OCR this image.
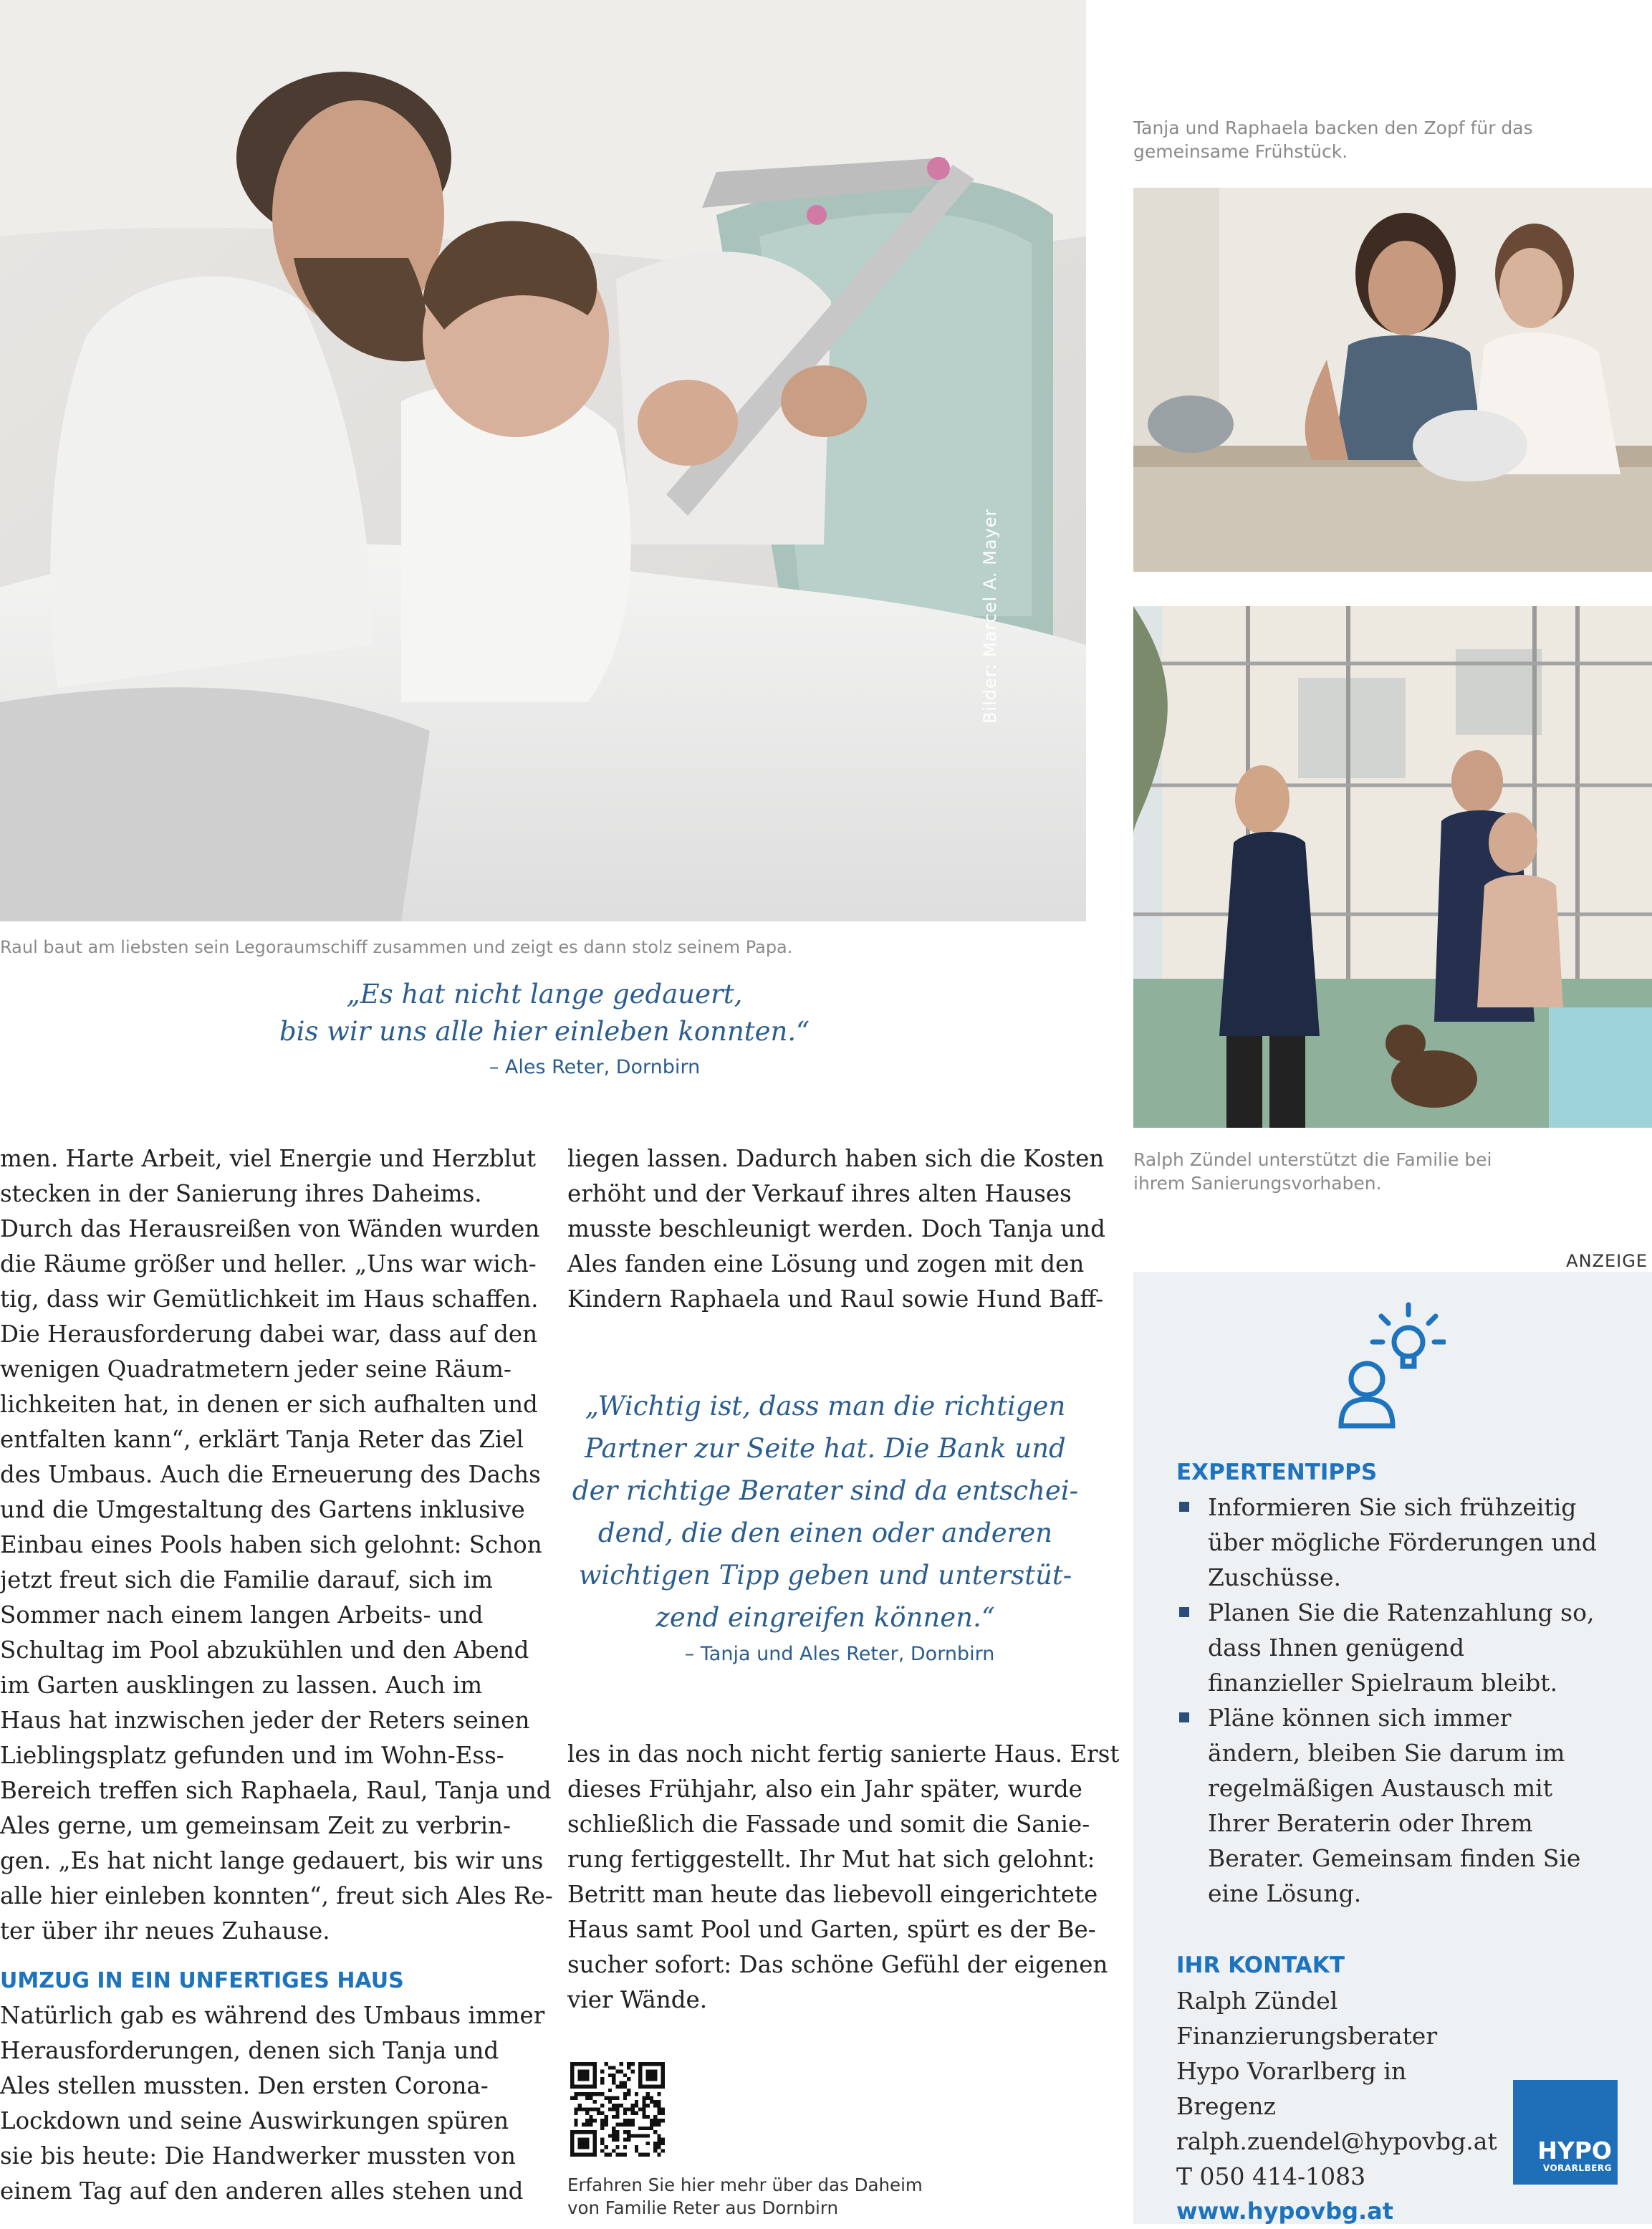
Bilder: Marcel A. Mayer
Raul baut am liebsten sein Legoraumschiff zusammen und zeigt es dann stolz seinem Papa.
„Es hat nicht lange gedauert,
bis wir uns alle hier einleben konnten.“
– Ales Reter, Dornbirn
Tanja und Raphaela backen den Zopf für das gemeinsame Frühstück.
Ralph Zündel unterstützt die Familie bei ihrem Sanierungsvorhaben.
men. Harte Arbeit, viel Energie und Herzblut
stecken in der Sanierung ihres Daheims.
Durch das Herausreißen von Wänden wurden
die Räume größer und heller. „Uns war wich-
tig, dass wir Gemütlichkeit im Haus schaffen.
Die Herausforderung dabei war, dass auf den
wenigen Quadratmetern jeder seine Räum-
lichkeiten hat, in denen er sich aufhalten und
entfalten kann“, erklärt Tanja Reter das Ziel
des Umbaus. Auch die Erneuerung des Dachs
und die Umgestaltung des Gartens inklusive
Einbau eines Pools haben sich gelohnt: Schon
jetzt freut sich die Familie darauf, sich im
Sommer nach einem langen Arbeits- und
Schultag im Pool abzukühlen und den Abend
im Garten ausklingen zu lassen. Auch im
Haus hat inzwischen jeder der Reters seinen
Lieblingsplatz gefunden und im Wohn-Ess-
Bereich treffen sich Raphaela, Raul, Tanja und
Ales gerne, um gemeinsam Zeit zu verbrin-
gen. „Es hat nicht lange gedauert, bis wir uns
alle hier einleben konnten“, freut sich Ales Re-
ter über ihr neues Zuhause.
UMZUG IN EIN UNFERTIGES HAUS
Natürlich gab es während des Umbaus immer
Herausforderungen, denen sich Tanja und
Ales stellen mussten. Den ersten Corona-
Lockdown und seine Auswirkungen spüren
sie bis heute: Die Handwerker mussten von
einem Tag auf den anderen alles stehen und
liegen lassen. Dadurch haben sich die Kosten
erhöht und der Verkauf ihres alten Hauses
musste beschleunigt werden. Doch Tanja und
Ales fanden eine Lösung und zogen mit den
Kindern Raphaela und Raul sowie Hund Baff-
„Wichtig ist, dass man die richtigen
Partner zur Seite hat. Die Bank und
der richtige Berater sind da entschei-
dend, die den einen oder anderen
wichtigen Tipp geben und unterstüt-
zend eingreifen können.“
– Tanja und Ales Reter, Dornbirn
les in das noch nicht fertig sanierte Haus. Erst
dieses Frühjahr, also ein Jahr später, wurde
schließlich die Fassade und somit die Sanie-
rung fertiggestellt. Ihr Mut hat sich gelohnt:
Betritt man heute das liebevoll eingerichtete
Haus samt Pool und Garten, spürt es der Be-
sucher sofort: Das schöne Gefühl der eigenen
vier Wände.
Erfahren Sie hier mehr über das Daheim
von Familie Reter aus Dornbirn
ANZEIGE
EXPERTENTIPPS
Informieren Sie sich frühzeitig über mögliche Förderungen und Zuschüsse.
Planen Sie die Ratenzahlung so, dass Ihnen genügend finanzieller Spielraum bleibt.
Pläne können sich immer ändern, bleiben Sie darum im regelmäßigen Austausch mit Ihrer Beraterin oder Ihrem Berater. Gemeinsam finden Sie eine Lösung.
IHR KONTAKT
Ralph Zündel
Finanzierungsberater
Hypo Vorarlberg in Bregenz
ralph.zuendel@hypovbg.at
T 050 414-1083
www.hypovbg.at
HYPO
VORARLBERG
